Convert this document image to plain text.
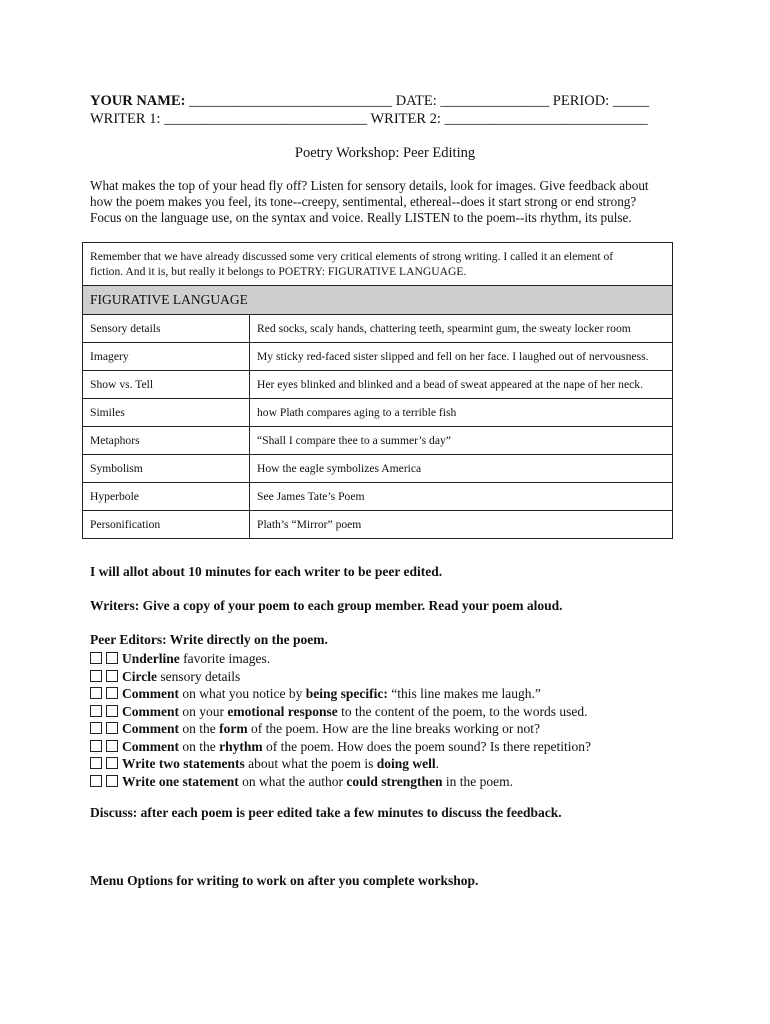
YOUR NAME: ____________________________ DATE: _______________ PERIOD: _____
WRITER 1: ____________________________ WRITER 2: ____________________________
Poetry Workshop: Peer Editing
What makes the top of your head fly off? Listen for sensory details, look for images. Give feedback about
how the poem makes you feel, its tone--creepy, sentimental, ethereal--does it start strong or end strong?
Focus on the language use, on the syntax and voice. Really LISTEN to the poem--its rhythm, its pulse.
Remember that we have already discussed some very critical elements of strong writing. I called it an element of
fiction. And it is, but really it belongs to POETRY: FIGURATIVE LANGUAGE.	

FIGURATIVE LANGUAGE	
Sensory details	Red socks, scaly hands, chattering teeth, spearmint gum, the sweaty locker room
Imagery	My sticky red-faced sister slipped and fell on her face. I laughed out of nervousness.
Show vs. Tell	Her eyes blinked and blinked and a bead of sweat appeared at the nape of her neck.
Similes	how Plath compares aging to a terrible fish
Metaphors	“Shall I compare thee to a summer’s day”
Symbolism	How the eagle symbolizes America
Hyperbole	See James Tate’s Poem
Personification	Plath’s “Mirror” poem
I will allot about 10 minutes for each writer to be peer edited.
Writers: Give a copy of your poem to each group member. Read your poem aloud.
Peer Editors: Write directly on the poem.
Underline favorite images.
Circle sensory details
Comment on what you notice by being specific: “this line makes me laugh.”
Comment on your emotional response to the content of the poem, to the words used.
Comment on the form of the poem. How are the line breaks working or not?
Comment on the rhythm of the poem. How does the poem sound? Is there repetition?
Write two statements about what the poem is doing well.
Write one statement on what the author could strengthen in the poem.
Discuss: after each poem is peer edited take a few minutes to discuss the feedback.
Menu Options for writing to work on after you complete workshop.
